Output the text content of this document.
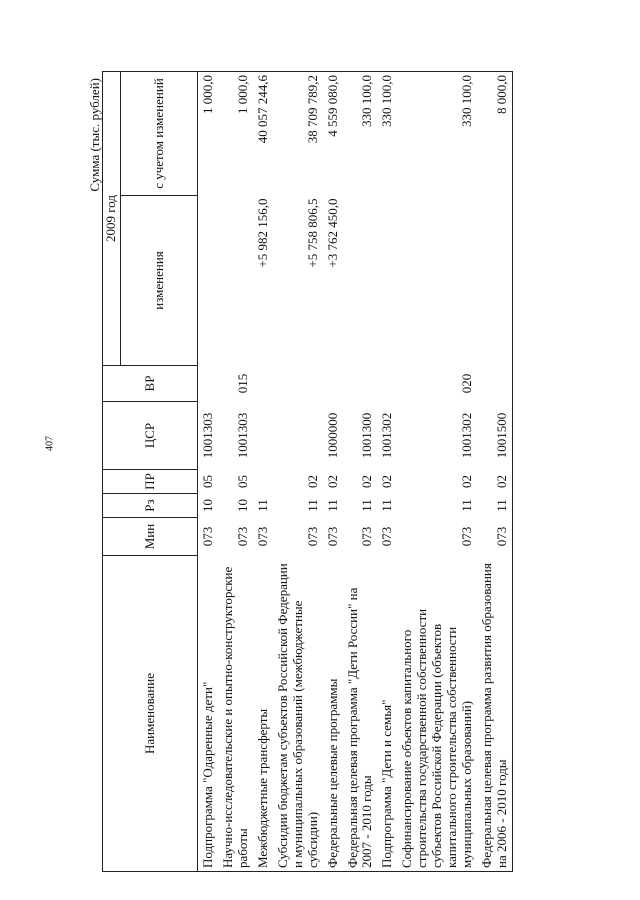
407
Сумма (тыс. рублей)
Наименование	Мин	Рз	ПР	ЦСР	ВР	2009 год	
						изменения	с учетом изменений
Подпрограмма "Одаренные дети"	073	10	05	1001303			1 000,0
Научно-исследовательские и опытно-конструкторские работы	073	10	05	1001303	015		1 000,0
Межбюджетные трансферты	073	11				+5 982 156,0	40 057 244,6
Субсидии бюджетам субъектов Российской Федерации и муниципальных образований (межбюджетные субсидии)	073	11	02			+5 758 806,5	38 709 789,2
Федеральные целевые программы	073	11	02	1000000		+3 762 450,0	4 559 080,0
Федеральная целевая программа "Дети России" на 2007 - 2010 годы	073	11	02	1001300			330 100,0
Подпрограмма "Дети и семья"	073	11	02	1001302			330 100,0
Софинансирование объектов капитального строительства государственной собственности субъектов Российской Федерации (объектов капитального строительства собственности муниципальных образований)	073	11	02	1001302	020		330 100,0
Федеральная целевая программа развития образования на 2006 - 2010 годы	073	11	02	1001500			8 000,0
